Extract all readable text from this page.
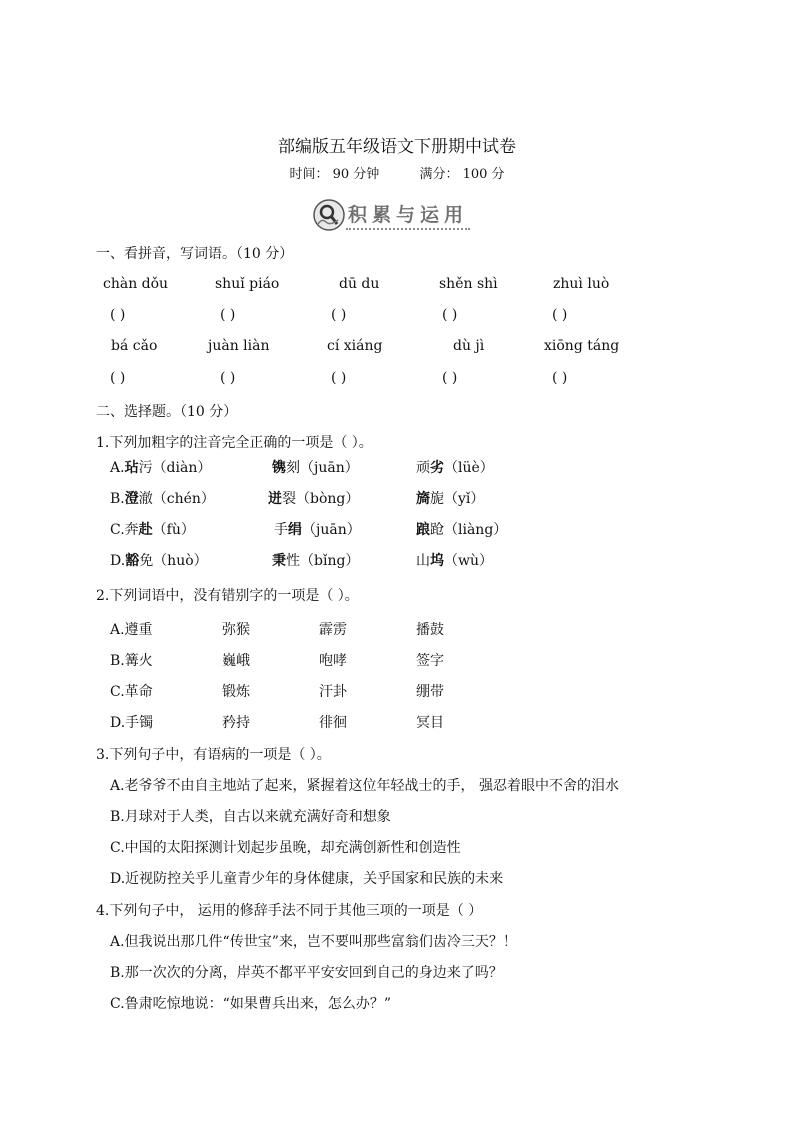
部编版五年级语文下册期中试卷
时间： 90 分钟	满分： 100 分
积累与运用
一、看拼音，写词语。（10 分）
chàn dǒu	shuǐ piáo	dū du	shěn shì	zhuì luò
( )	( )	( )	( )	( )
bá cǎo	juàn liàn	cí xiáng	dù jì	xiōng táng
( )	( )	( )	( )	( )
二、选择题。（10 分）
1.下列加粗字的注音完全正确的一项是（ ）。
A.玷污（diàn）	镌刻（juān）	顽劣（lüè）
B.澄澈（chén）	迸裂（bòng）	旖旎（yǐ）
C.奔赴（fù）	手绢（juān）	踉跄（liàng）
D.豁免（huò）	秉性（bǐng）	山坞（wù）
2.下列词语中，没有错别字的一项是（ ）。
A.遵重	弥猴	霹雳	播鼓
B.篝火	巍峨	咆哮	签字
C.革命	锻炼	汗卦	绷带
D.手镯	矜持	徘徊	冥目
3.下列句子中，有语病的一项是（ ）。
A.老爷爷不由自主地站了起来，紧握着这位年轻战士的手， 强忍着眼中不舍的泪水
B.月球对于人类，自古以来就充满好奇和想象
C.中国的太阳探测计划起步虽晚，却充满创新性和创造性
D.近视防控关乎儿童青少年的身体健康，关乎国家和民族的未来
4.下列句子中， 运用的修辞手法不同于其他三项的一项是（ ）
A.但我说出那几件“传世宝”来，岂不要叫那些富翁们齿冷三天？！
B.那一次次的分离，岸英不都平平安安回到自己的身边来了吗？
C.鲁肃吃惊地说：“如果曹兵出来，怎么办？”
